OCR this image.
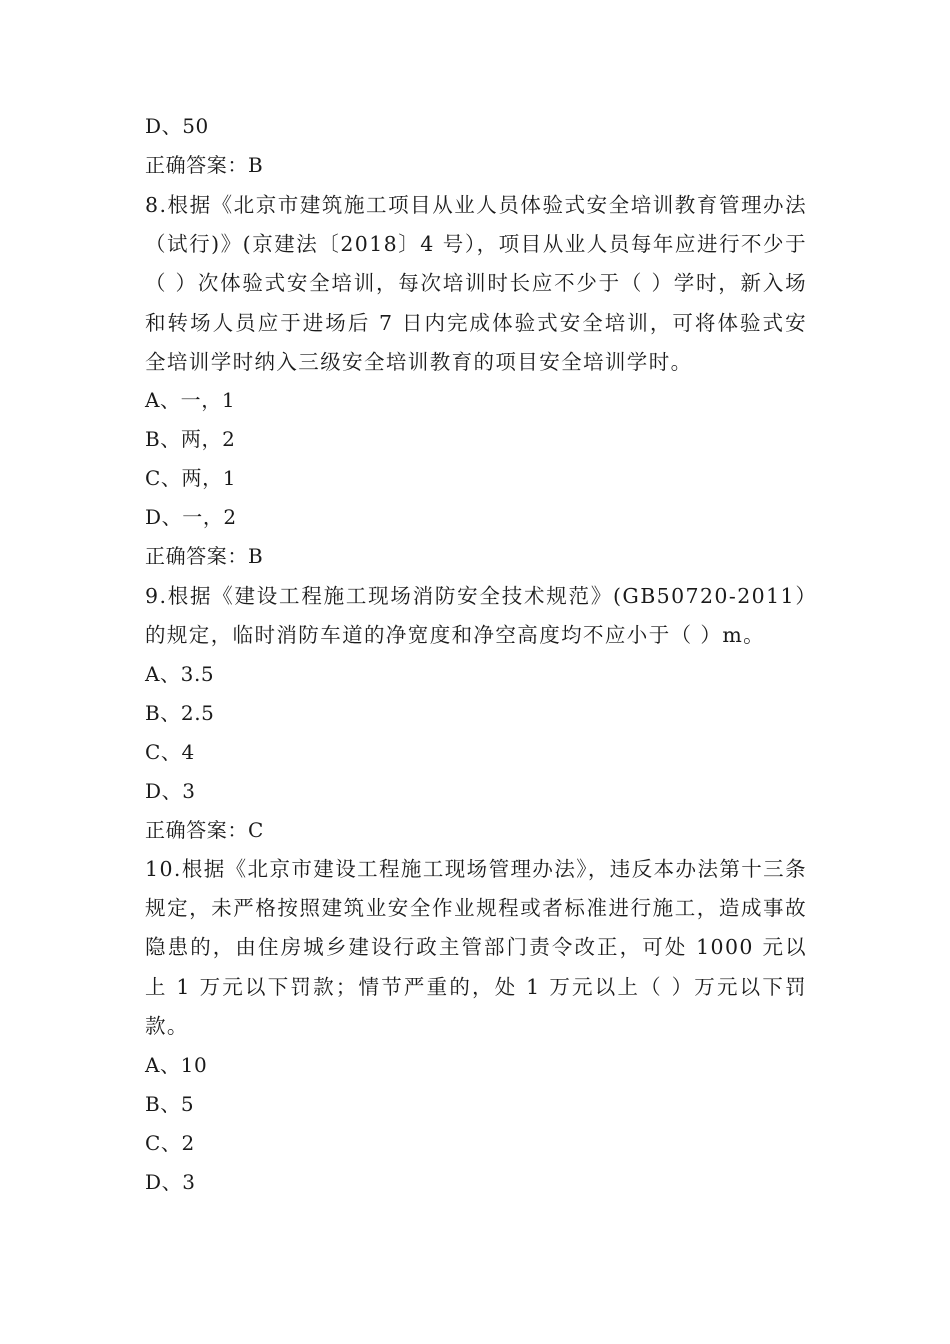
D、50
正确答案：B
8.根据《北京市建筑施工项目从业人员体验式安全培训教育管理办法（试行)》(京建法〔2018〕4 号），项目从业人员每年应进行不少于（ ）次体验式安全培训，每次培训时长应不少于（ ）学时，新入场和转场人员应于进场后 7 日内完成体验式安全培训，可将体验式安全培训学时纳入三级安全培训教育的项目安全培训学时。
A、一，1
B、两，2
C、两，1
D、一，2
正确答案：B
9.根据《建设工程施工现场消防安全技术规范》(GB50720-2011）的规定，临时消防车道的净宽度和净空高度均不应小于（ ）m。
A、3.5
B、2.5
C、4
D、3
正确答案：C
10.根据《北京市建设工程施工现场管理办法》，违反本办法第十三条规定，未严格按照建筑业安全作业规程或者标准进行施工，造成事故隐患的，由住房城乡建设行政主管部门责令改正，可处 1000 元以上 1 万元以下罚款；情节严重的，处 1 万元以上（ ）万元以下罚款。
A、10
B、5
C、2
D、3
